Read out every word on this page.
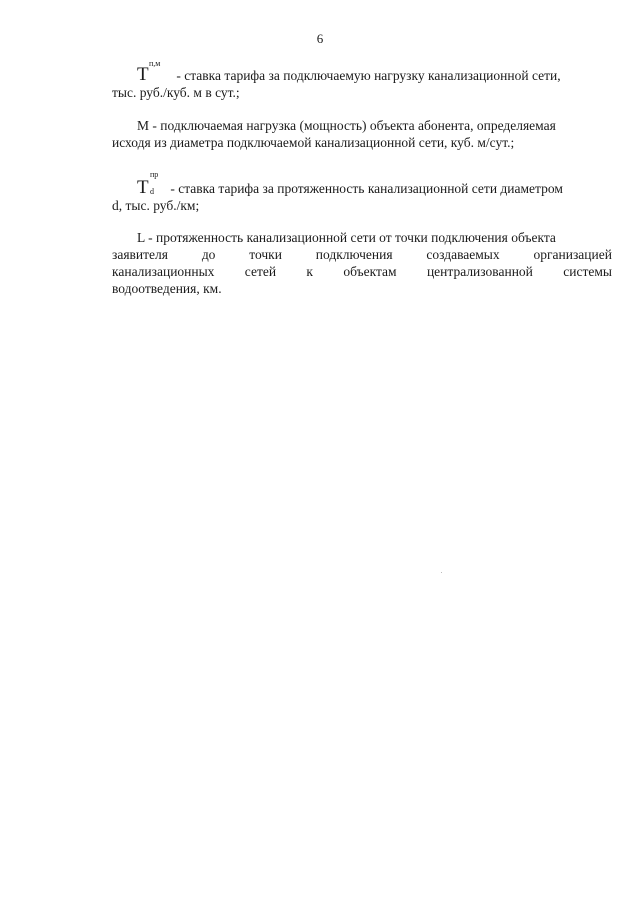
6
T
п,м
- ставка тарифа за подключаемую нагрузку канализационной сети,
тыс. руб./куб. м в сут.;
М - подключаемая нагрузка (мощность) объекта абонента, определяемая
исходя из диаметра подключаемой канализационной сети, куб. м/сут.;
T
пр
d - ставка тарифа за протяженность канализационной сети диаметром
d, тыс. руб./км;
L - протяженность канализационной сети от точки подключения объекта
заявителя	до	точки	подключения	создаваемых	организацией
канализационных сетей к объектам централизованной системы
водоотведения, км.
